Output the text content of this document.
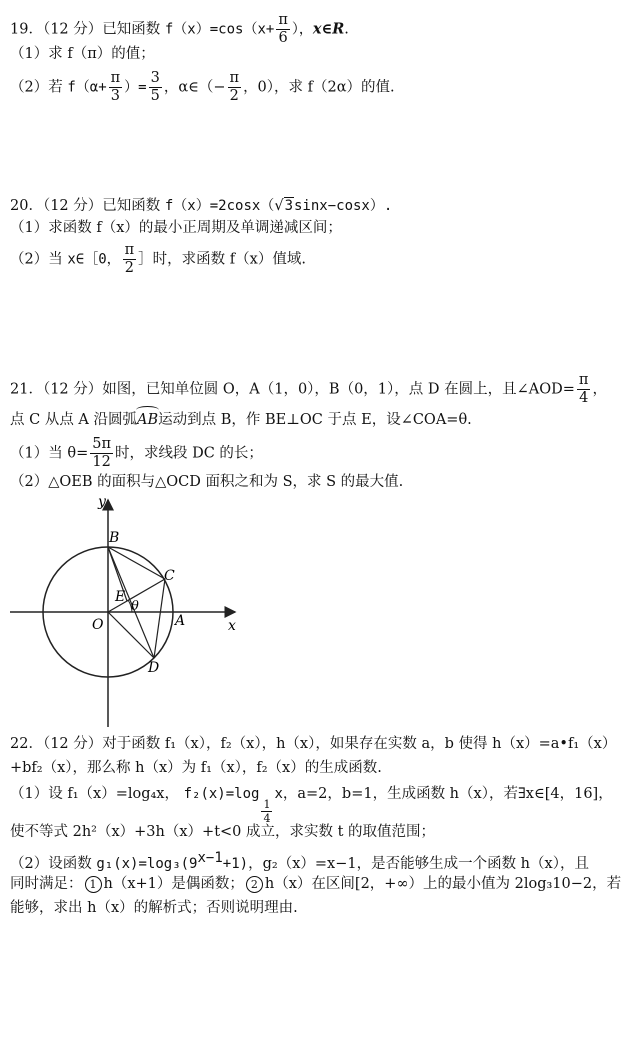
19．（12 分）已知函数 $f(x)=\cos(x+ \frac{\pi}{6}$ ），x∈R.
（1）求 f（π）的值；
（2）若 $f(\alpha+ \frac{\pi}{3}$ ）= $\frac{3}{5}$ ，α∈（− $\frac{\pi}{2}$ ，0），求 f（2α）的值.
20．（12 分）已知函数 f（x）=2cosx（√3sinx−cosx）.
（1）求函数 f（x）的最小正周期及单调递减区间；
（2）当 x∈［0， $\frac{\pi}{2}$ ］时，求函数 f（x）值域.
21．（12 分）如图，已知单位圆 O，A（1，0），B（0，1），点 D 在圆上，且∠AOD= $\frac{\pi}{4}$ ，
点 C 从点 A 沿圆弧AB运动到点 B，作 BE⊥OC 于点 E，设∠COA=θ.
（1）当 $\theta= \frac{5\pi}{12}$ 时，求线段 DC 的长；
（2）△OEB 的面积与△OCD 面积之和为 S，求 S 的最大值.
y
x
B
C
E
θ
O	A
D
22．（12 分）对于函数 f₁（x），f₂（x），h（x），如果存在实数 a，b 使得 h（x）=a•f₁（x）
+bf₂（x），那么称 h（x）为 f₁（x），f₂（x）的生成函数.
（1）设 f₁（x）=log₄x， f₂(x)=log
$\frac{1}{4}$
x，a=2，b=1，生成函数 h（x），若∃x∈[4，16]，
使不等式 2h²（x）+3h（x）+t<0 成立，求实数 t 的取值范围；
（2）设函数 $g_1(x)=\log_3(9^{x-1}+1)$，g₂（x）=x−1，是否能够生成一个函数 h（x），且
同时满足： 1 h（x+1）是偶函数； 2 h（x）在区间[2，+∞）上的最小值为 2log₃10−2，若
能够，求出 h（x）的解析式；否则说明理由.
